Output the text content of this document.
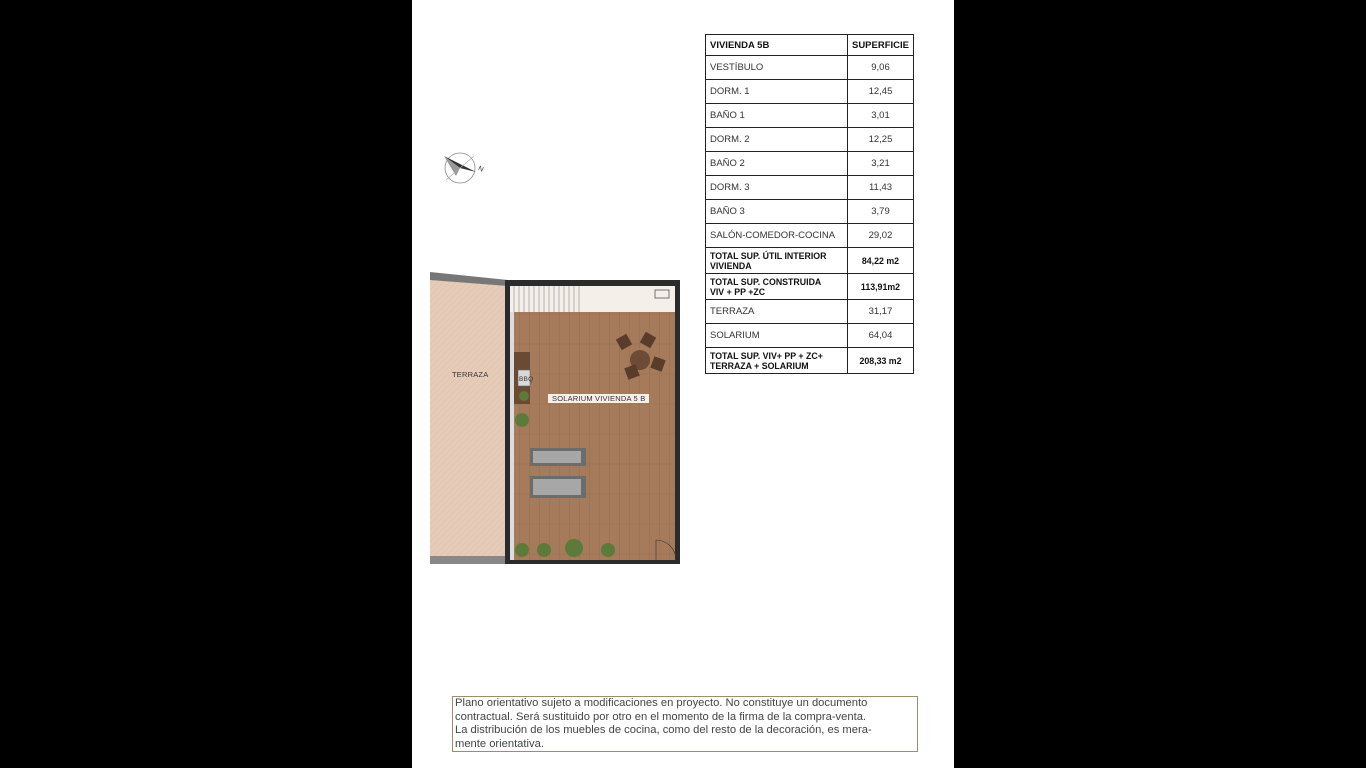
VIVIENDA 5B	SUPERFICIE
VESTÍBULO	9,06
DORM. 1	12,45
BAÑO 1	3,01
DORM. 2	12,25
BAÑO 2	3,21
DORM. 3	11,43
BAÑO 3	3,79
SALÓN-COMEDOR-COCINA	29,02
TOTAL SUP. ÚTIL INTERIOR
VIVIENDA	84,22 m2
TOTAL SUP. CONSTRUIDA
VIV + PP +ZC	113,91m2
TERRAZA	31,17
SOLARIUM	64,04
TOTAL SUP. VIV+ PP + ZC+
TERRAZA + SOLARIUM	208,33 m2
N
TERRAZA
SOLARIUM VIVIENDA 5 B
BBQ
Plano orientativo sujeto a modificaciones en proyecto. No constituye un documento
contractual. Será sustituido por otro en el momento de la firma de la compra-venta.
La distribución de los muebles de cocina, como del resto de la decoración, es mera-
mente orientativa.
